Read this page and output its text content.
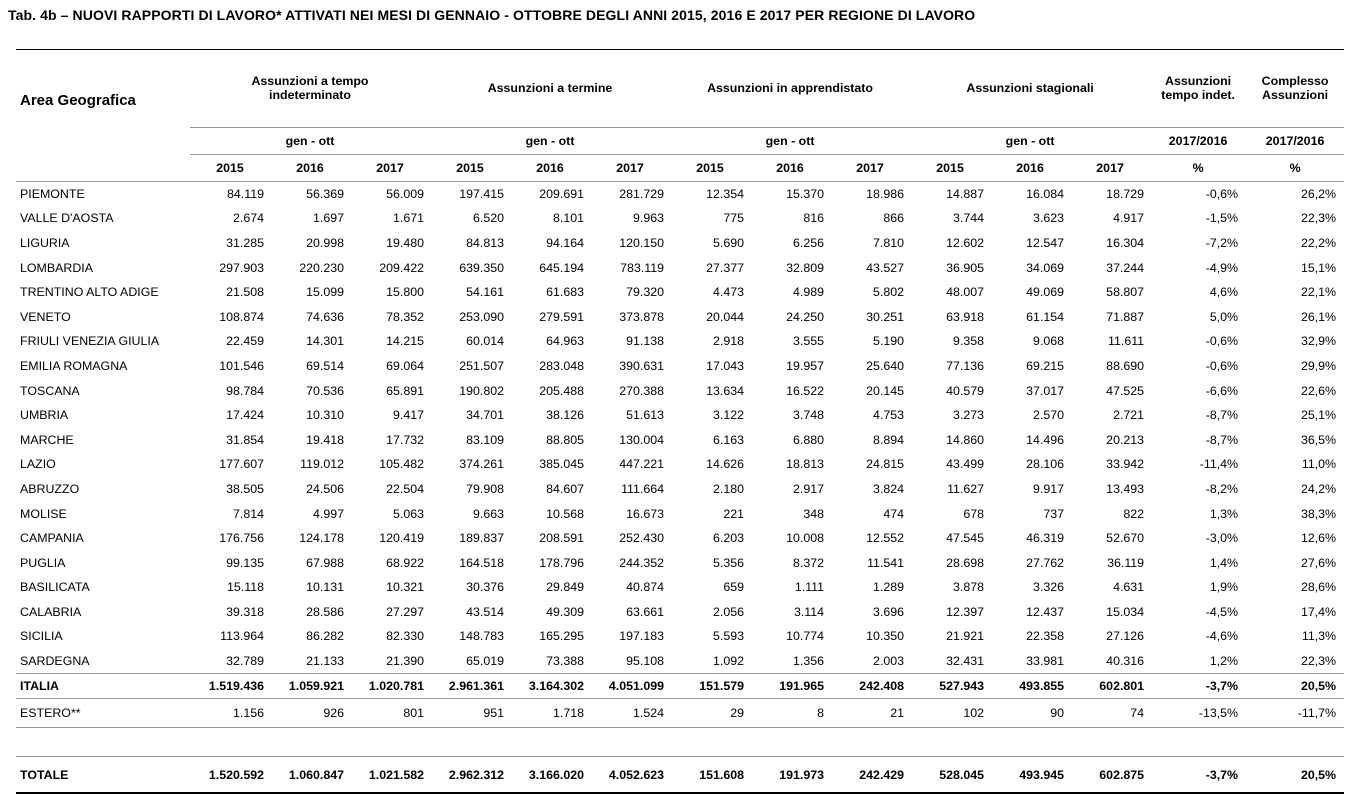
Tab. 4b – NUOVI RAPPORTI DI LAVORO* ATTIVATI NEI MESI DI GENNAIO - OTTOBRE DEGLI ANNI 2015, 2016 E 2017 PER REGIONE DI LAVORO
Area Geografica	Assunzioni a tempo indeterminato			Assunzioni a termine			Assunzioni in apprendistato			Assunzioni stagionali			Assunzioni tempo indet.	Complesso Assunzioni

	gen - ott			gen - ott			gen - ott			gen - ott			2017/2016	2017/2016
	2015	2016	2017	2015	2016	2017	2015	2016	2017	2015	2016	2017	%	%
PIEMONTE	84.119	56.369	56.009	197.415	209.691	281.729	12.354	15.370	18.986	14.887	16.084	18.729	-0,6%	26,2%
VALLE D'AOSTA	2.674	1.697	1.671	6.520	8.101	9.963	775	816	866	3.744	3.623	4.917	-1,5%	22,3%
LIGURIA	31.285	20.998	19.480	84.813	94.164	120.150	5.690	6.256	7.810	12.602	12.547	16.304	-7,2%	22,2%
LOMBARDIA	297.903	220.230	209.422	639.350	645.194	783.119	27.377	32.809	43.527	36.905	34.069	37.244	-4,9%	15,1%
TRENTINO ALTO ADIGE	21.508	15.099	15.800	54.161	61.683	79.320	4.473	4.989	5.802	48.007	49.069	58.807	4,6%	22,1%
VENETO	108.874	74.636	78.352	253.090	279.591	373.878	20.044	24.250	30.251	63.918	61.154	71.887	5,0%	26,1%
FRIULI VENEZIA GIULIA	22.459	14.301	14.215	60.014	64.963	91.138	2.918	3.555	5.190	9.358	9.068	11.611	-0,6%	32,9%
EMILIA ROMAGNA	101.546	69.514	69.064	251.507	283.048	390.631	17.043	19.957	25.640	77.136	69.215	88.690	-0,6%	29,9%
TOSCANA	98.784	70.536	65.891	190.802	205.488	270.388	13.634	16.522	20.145	40.579	37.017	47.525	-6,6%	22,6%
UMBRIA	17.424	10.310	9.417	34.701	38.126	51.613	3.122	3.748	4.753	3.273	2.570	2.721	-8,7%	25,1%
MARCHE	31.854	19.418	17.732	83.109	88.805	130.004	6.163	6.880	8.894	14.860	14.496	20.213	-8,7%	36,5%
LAZIO	177.607	119.012	105.482	374.261	385.045	447.221	14.626	18.813	24.815	43.499	28.106	33.942	-11,4%	11,0%
ABRUZZO	38.505	24.506	22.504	79.908	84.607	111.664	2.180	2.917	3.824	11.627	9.917	13.493	-8,2%	24,2%
MOLISE	7.814	4.997	5.063	9.663	10.568	16.673	221	348	474	678	737	822	1,3%	38,3%
CAMPANIA	176.756	124.178	120.419	189.837	208.591	252.430	6.203	10.008	12.552	47.545	46.319	52.670	-3,0%	12,6%
PUGLIA	99.135	67.988	68.922	164.518	178.796	244.352	5.356	8.372	11.541	28.698	27.762	36.119	1,4%	27,6%
BASILICATA	15.118	10.131	10.321	30.376	29.849	40.874	659	1.111	1.289	3.878	3.326	4.631	1,9%	28,6%
CALABRIA	39.318	28.586	27.297	43.514	49.309	63.661	2.056	3.114	3.696	12.397	12.437	15.034	-4,5%	17,4%
SICILIA	113.964	86.282	82.330	148.783	165.295	197.183	5.593	10.774	10.350	21.921	22.358	27.126	-4,6%	11,3%
SARDEGNA	32.789	21.133	21.390	65.019	73.388	95.108	1.092	1.356	2.003	32.431	33.981	40.316	1,2%	22,3%
ITALIA	1.519.436	1.059.921	1.020.781	2.961.361	3.164.302	4.051.099	151.579	191.965	242.408	527.943	493.855	602.801	-3,7%	20,5%
ESTERO**	1.156	926	801	951	1.718	1.524	29	8	21	102	90	74	-13,5%	-11,7%

TOTALE	1.520.592	1.060.847	1.021.582	2.962.312	3.166.020	4.052.623	151.608	191.973	242.429	528.045	493.945	602.875	-3,7%	20,5%
